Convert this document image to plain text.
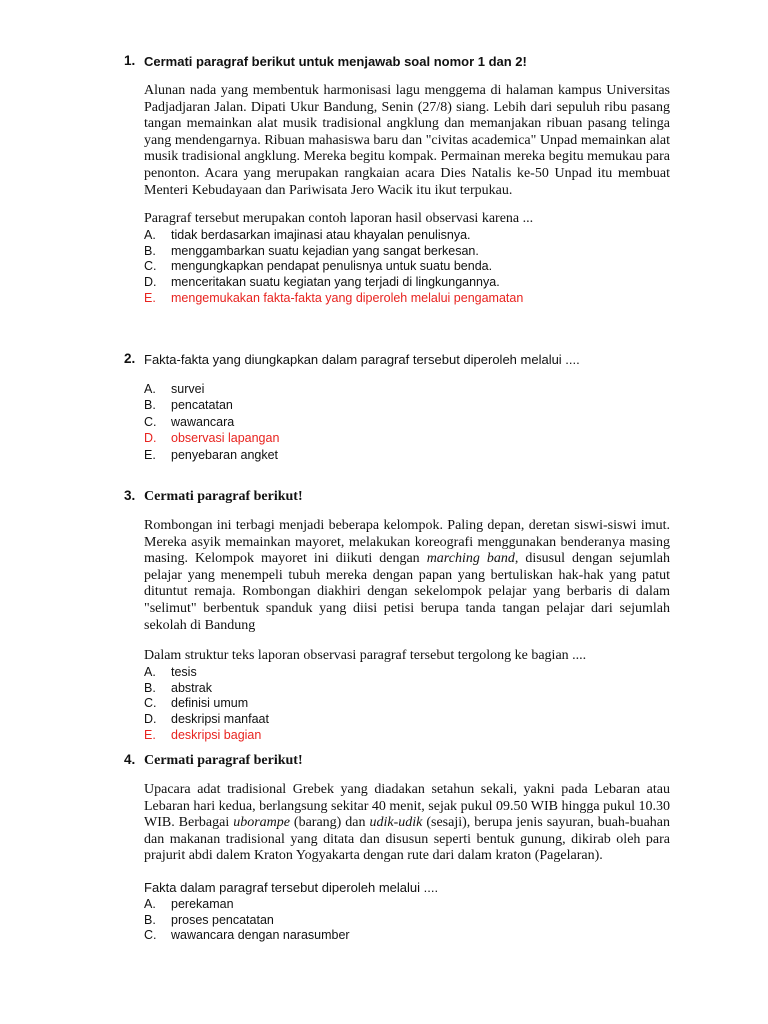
1. Cermati paragraf berikut untuk menjawab soal nomor 1 dan 2!
Alunan nada yang membentuk harmonisasi lagu menggema di halaman kampus Universitas Padjadjaran Jalan. Dipati Ukur Bandung, Senin (27/8) siang. Lebih dari sepuluh ribu pasang tangan memainkan alat musik tradisional angklung dan memanjakan ribuan pasang telinga yang mendengarnya. Ribuan mahasiswa baru dan "civitas academica" Unpad memainkan alat musik tradisional angklung. Mereka begitu kompak. Permainan mereka begitu memukau para penonton. Acara yang merupakan rangkaian acara Dies Natalis ke-50 Unpad itu membuat Menteri Kebudayaan dan Pariwisata Jero Wacik itu ikut terpukau.
Paragraf tersebut merupakan contoh laporan hasil observasi karena ...
A. tidak berdasarkan imajinasi atau khayalan penulisnya.
B. menggambarkan suatu kejadian yang sangat berkesan.
C. mengungkapkan pendapat penulisnya untuk suatu benda.
D. menceritakan suatu kegiatan yang terjadi di lingkungannya.
E. mengemukakan fakta-fakta yang diperoleh melalui pengamatan
2. Fakta-fakta yang diungkapkan dalam paragraf tersebut diperoleh melalui ....
A. survei
B. pencatatan
C. wawancara
D. observasi lapangan
E. penyebaran angket
3. Cermati paragraf berikut!
Rombongan ini terbagi menjadi beberapa kelompok. Paling depan, deretan siswi-siswi imut. Mereka asyik memainkan mayoret, melakukan koreografi menggunakan benderanya masing masing. Kelompok mayoret ini diikuti dengan marching band, disusul dengan sejumlah pelajar yang menempeli tubuh mereka dengan papan yang bertuliskan hak-hak yang patut dituntut remaja. Rombongan diakhiri dengan sekelompok pelajar yang berbaris di dalam "selimut" berbentuk spanduk yang diisi petisi berupa tanda tangan pelajar dari sejumlah sekolah di Bandung
Dalam struktur teks laporan observasi paragraf tersebut tergolong ke bagian ....
A. tesis
B. abstrak
C. definisi umum
D. deskripsi manfaat
E. deskripsi bagian
4. Cermati paragraf berikut!
Upacara adat tradisional Grebek yang diadakan setahun sekali, yakni pada Lebaran atau Lebaran hari kedua, berlangsung sekitar 40 menit, sejak pukul 09.50 WIB hingga pukul 10.30 WIB. Berbagai uborampe (barang) dan udik-udik (sesaji), berupa jenis sayuran, buah-buahan dan makanan tradisional yang ditata dan disusun seperti bentuk gunung, dikirab oleh para prajurit abdi dalem Kraton Yogyakarta dengan rute dari dalam kraton (Pagelaran).
Fakta dalam paragraf tersebut diperoleh melalui ....
A. perekaman
B. proses pencatatan
C. wawancara dengan narasumber
